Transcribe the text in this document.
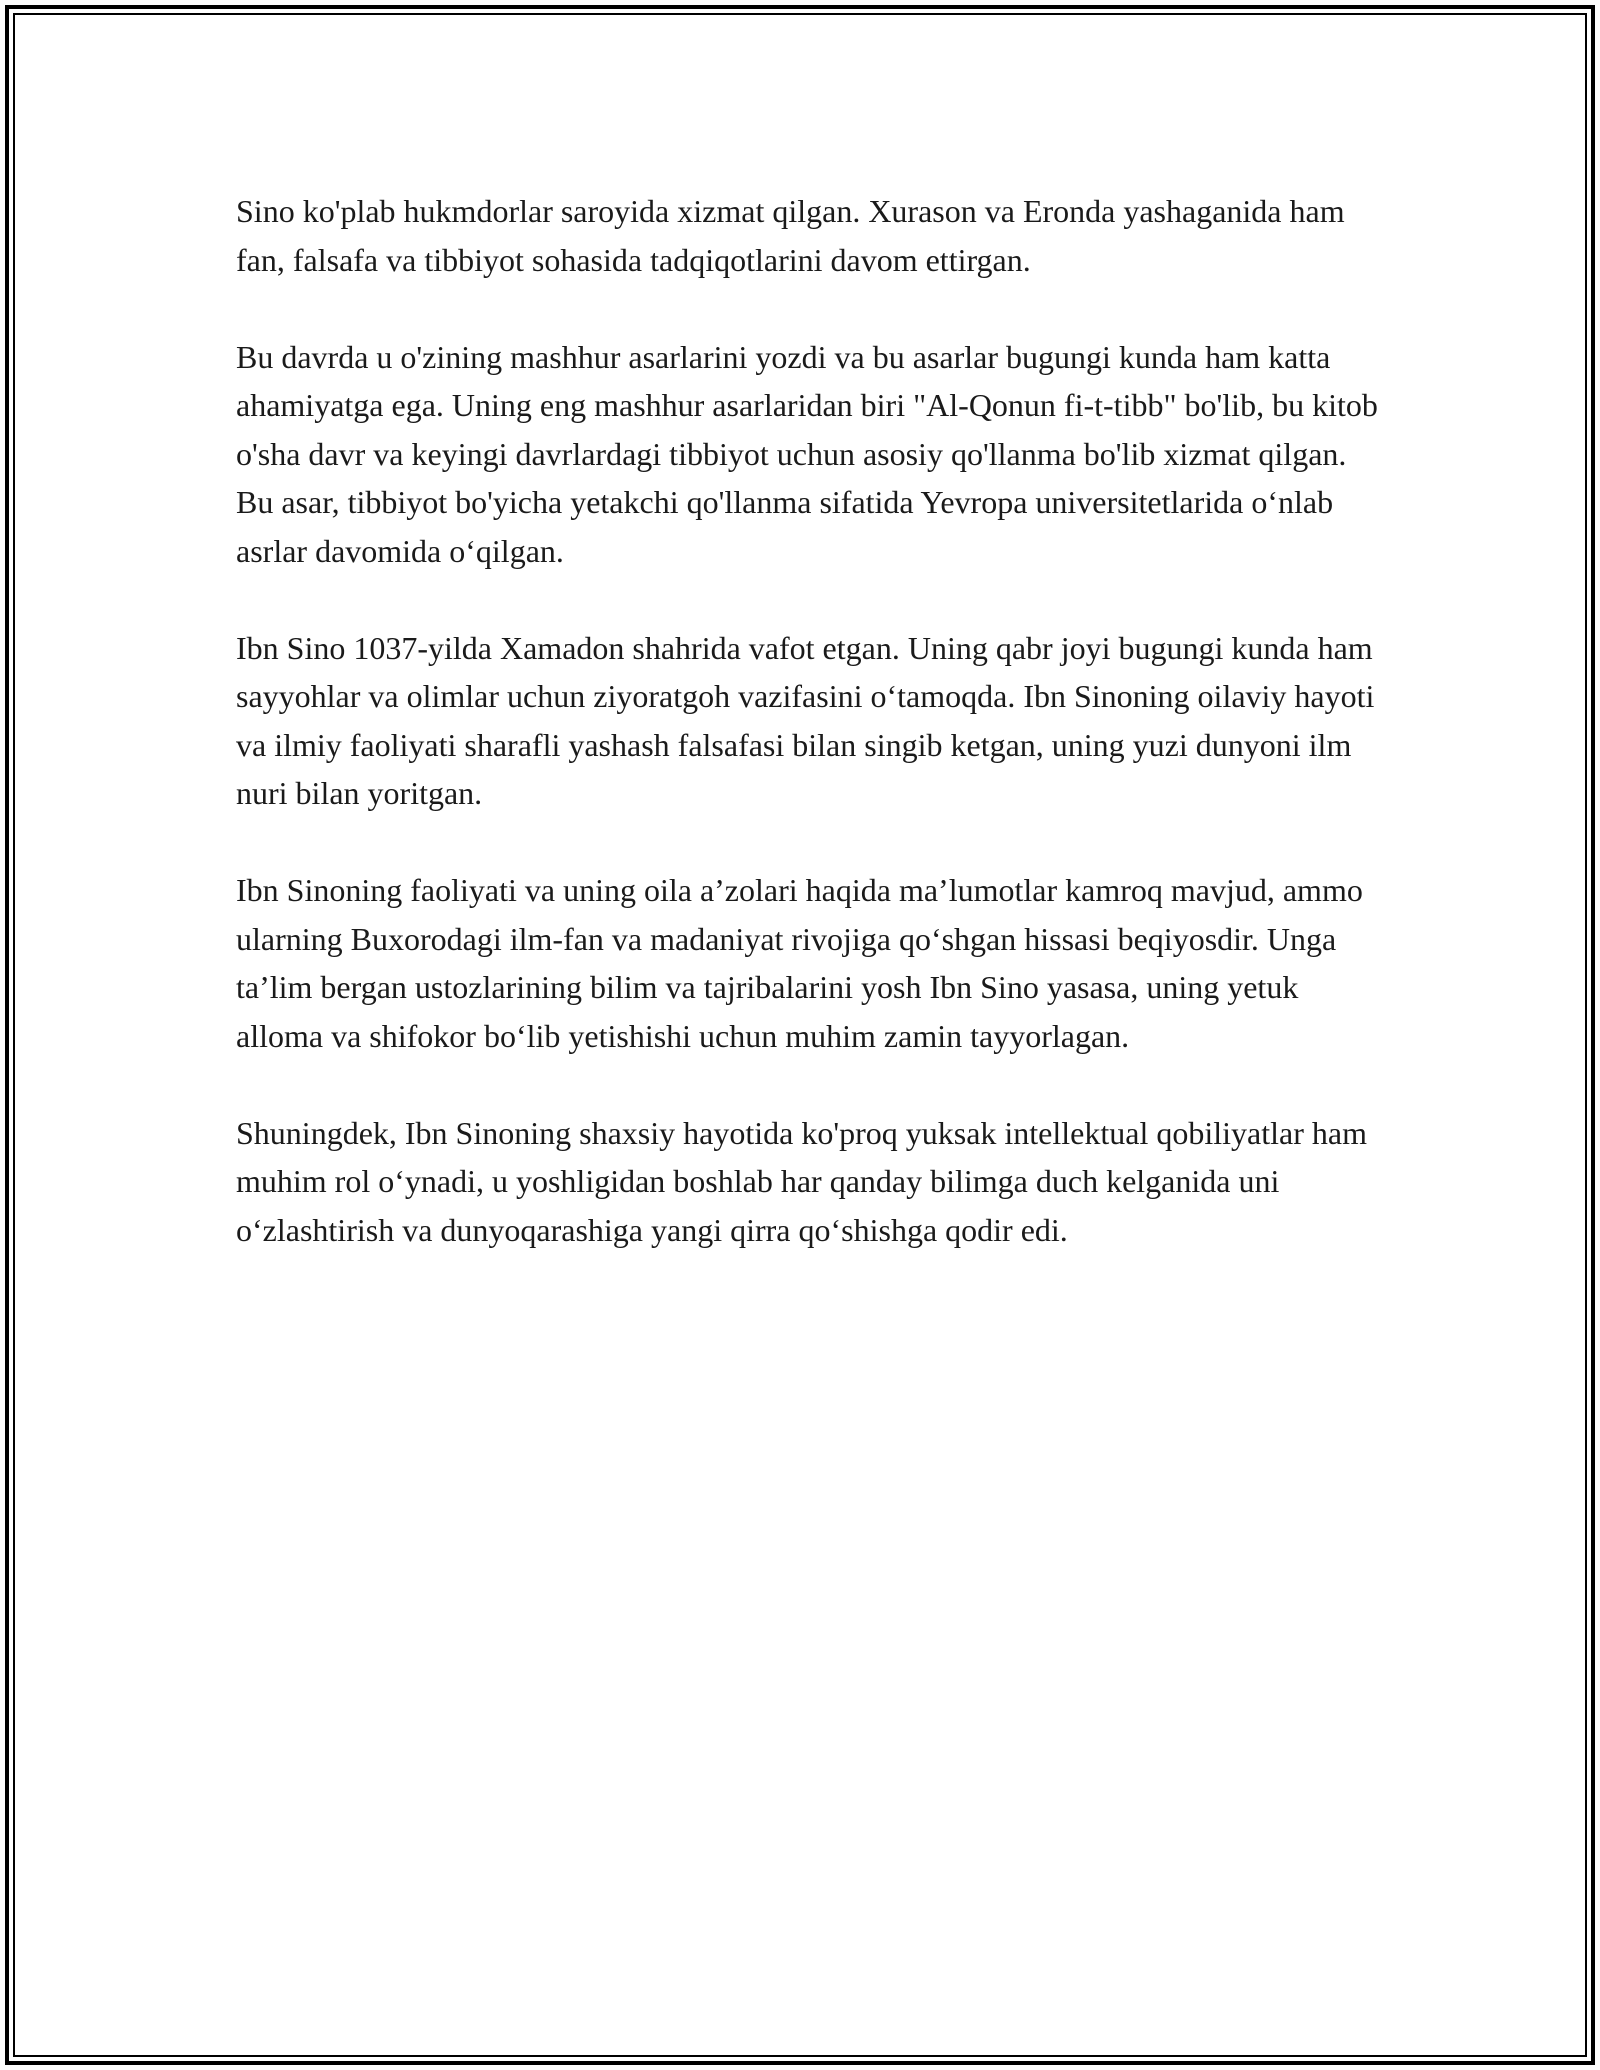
Sino ko'plab hukmdorlar saroyida xizmat qilgan. Xurason va Eronda yashaganida ham fan, falsafa va tibbiyot sohasida tadqiqotlarini davom ettirgan.

Bu davrda u o'zining mashhur asarlarini yozdi va bu asarlar bugungi kunda ham katta ahamiyatga ega. Uning eng mashhur asarlaridan biri "Al-Qonun fi-t-tibb" bo'lib, bu kitob o'sha davr va keyingi davrlardagi tibbiyot uchun asosiy qo'llanma bo'lib xizmat qilgan. Bu asar, tibbiyot bo'yicha yetakchi qo'llanma sifatida Yevropa universitetlarida o‘nlab asrlar davomida o‘qilgan.

Ibn Sino 1037-yilda Xamadon shahrida vafot etgan. Uning qabr joyi bugungi kunda ham sayyohlar va olimlar uchun ziyoratgoh vazifasini o‘tamoqda. Ibn Sinoning oilaviy hayoti va ilmiy faoliyati sharafli yashash falsafasi bilan singib ketgan, uning yuzi dunyoni ilm nuri bilan yoritgan.

Ibn Sinoning faoliyati va uning oila a’zolari haqida ma’lumotlar kamroq mavjud, ammo ularning Buxorodagi ilm-fan va madaniyat rivojiga qo‘shgan hissasi beqiyosdir. Unga ta’lim bergan ustozlarining bilim va tajribalarini yosh Ibn Sino yasasa, uning yetuk alloma va shifokor bo‘lib yetishishi uchun muhim zamin tayyorlagan.

Shuningdek, Ibn Sinoning shaxsiy hayotida ko'proq yuksak intellektual qobiliyatlar ham muhim rol o‘ynadi, u yoshligidan boshlab har qanday bilimga duch kelganida uni o‘zlashtirish va dunyoqarashiga yangi qirra qo‘shishga qodir edi.
